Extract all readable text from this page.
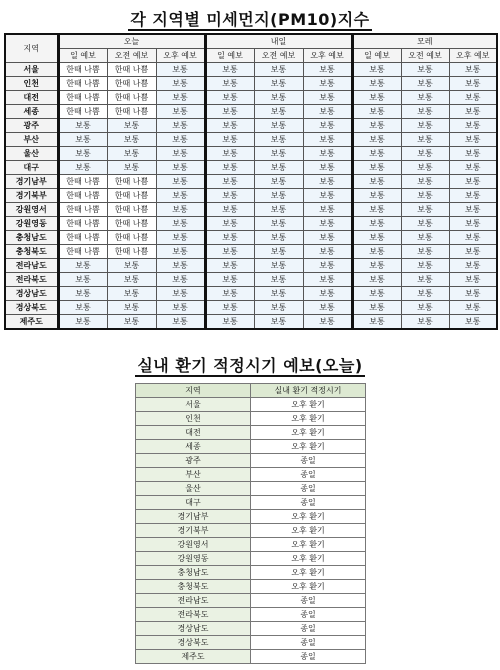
각 지역별 미세먼지(PM10)지수
지역	오늘			내일			모레		
	일 예보	오전 예보	오후 예보	일 예보	오전 예보	오후 예보	일 예보	오전 예보	오후 예보
서울	한때 나쁨	한때 나쁨	보통	보통	보통	보통	보통	보통	보통
인천	한때 나쁨	한때 나쁨	보통	보통	보통	보통	보통	보통	보통
대전	한때 나쁨	한때 나쁨	보통	보통	보통	보통	보통	보통	보통
세종	한때 나쁨	한때 나쁨	보통	보통	보통	보통	보통	보통	보통
광주	보통	보통	보통	보통	보통	보통	보통	보통	보통
부산	보통	보통	보통	보통	보통	보통	보통	보통	보통
울산	보통	보통	보통	보통	보통	보통	보통	보통	보통
대구	보통	보통	보통	보통	보통	보통	보통	보통	보통
경기남부	한때 나쁨	한때 나쁨	보통	보통	보통	보통	보통	보통	보통
경기북부	한때 나쁨	한때 나쁨	보통	보통	보통	보통	보통	보통	보통
강원영서	한때 나쁨	한때 나쁨	보통	보통	보통	보통	보통	보통	보통
강원영동	한때 나쁨	한때 나쁨	보통	보통	보통	보통	보통	보통	보통
충청남도	한때 나쁨	한때 나쁨	보통	보통	보통	보통	보통	보통	보통
충청북도	한때 나쁨	한때 나쁨	보통	보통	보통	보통	보통	보통	보통
전라남도	보통	보통	보통	보통	보통	보통	보통	보통	보통
전라북도	보통	보통	보통	보통	보통	보통	보통	보통	보통
경상남도	보통	보통	보통	보통	보통	보통	보통	보통	보통
경상북도	보통	보통	보통	보통	보통	보통	보통	보통	보통
제주도	보통	보통	보통	보통	보통	보통	보통	보통	보통
실내 환기 적정시기 예보(오늘)
지역	실내 환기 적정시기
서울	오후 환기
인천	오후 환기
대전	오후 환기
세종	오후 환기
광주	종일
부산	종일
울산	종일
대구	종일
경기남부	오후 환기
경기북부	오후 환기
강원영서	오후 환기
강원영동	오후 환기
충청남도	오후 환기
충청북도	오후 환기
전라남도	종일
전라북도	종일
경상남도	종일
경상북도	종일
제주도	종일
